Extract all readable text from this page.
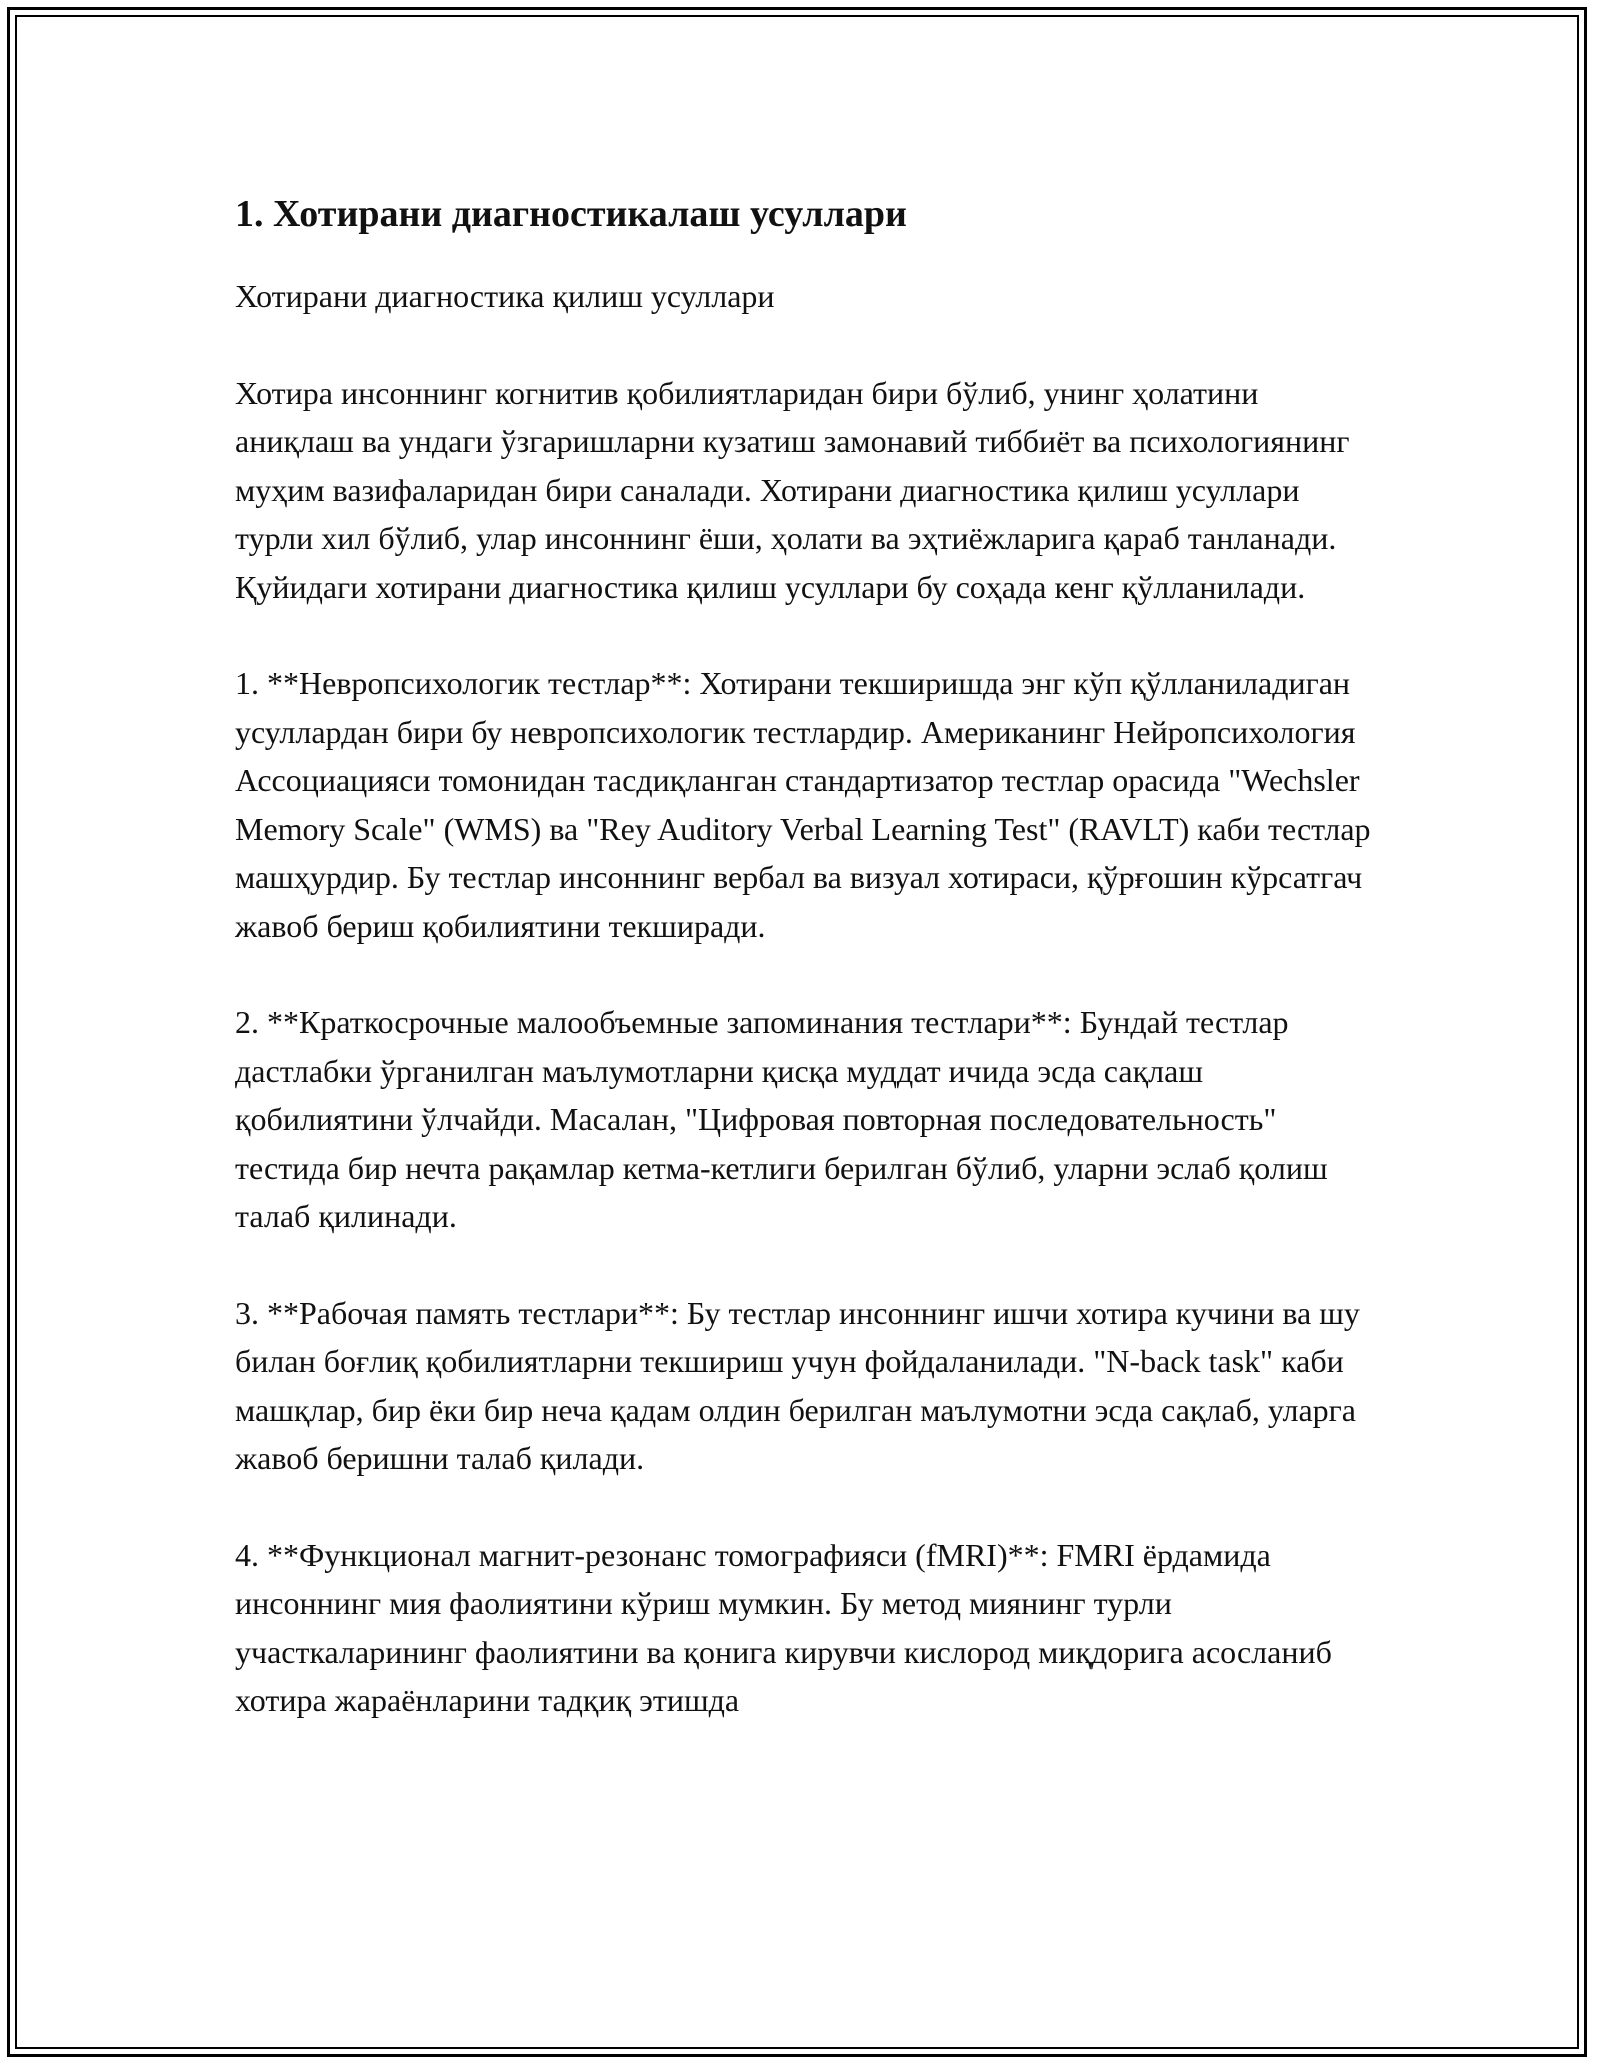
1. Хотирани диагностикалаш усуллари

Хотирани диагностика қилиш усуллари

Хотира инсоннинг когнитив қобилиятларидан бири бўлиб, унинг ҳолатини аниқлаш ва ундаги ўзгаришларни кузатиш замонавий тиббиёт ва психологиянинг муҳим вазифаларидан бири саналади. Хотирани диагностика қилиш усуллари турли хил бўлиб, улар инсоннинг ёши, ҳолати ва эҳтиёжларига қараб танланади. Қуйидаги хотирани диагностика қилиш усуллари бу соҳада кенг қўлланилади.

1. **Невропсихологик тестлар**: Хотирани текширишда энг кўп қўлланиладиган усуллардан бири бу невропсихологик тестлардир. Американинг Нейропсихология Ассоциацияси томонидан тасдиқланган стандартизатор тестлар орасида "Wechsler Memory Scale" (WMS) ва "Rey Auditory Verbal Learning Test" (RAVLT) каби тестлар машҳурдир. Бу тестлар инсоннинг вербал ва визуал хотираси, қўрғошин кўрсатгач жавоб бериш қобилиятини текширади.

2. **Краткосрочные малообъемные запоминания тестлари**: Бундай тестлар дастлабки ўрганилган маълумотларни қисқа муддат ичида эсда сақлаш қобилиятини ўлчайди. Масалан, "Цифровая повторная последовательность" тестида бир нечта рақамлар кетма-кетлиги берилган бўлиб, уларни эслаб қолиш талаб қилинади.

3. **Рабочая память тестлари**: Бу тестлар инсоннинг ишчи хотира кучини ва шу билан боғлиқ қобилиятларни текшириш учун фойдаланилади. "N-back task" каби машқлар, бир ёки бир неча қадам олдин берилган маълумотни эсда сақлаб, уларга жавоб беришни талаб қилади.

4. **Функционал магнит-резонанс томографияси (fMRI)**: FMRI ёрдамида инсоннинг мия фаолиятини кўриш мумкин. Бу метод миянинг турли участкаларининг фаолиятини ва қонига кирувчи кислород миқдорига асосланиб хотира жараёнларини тадқиқ этишда
